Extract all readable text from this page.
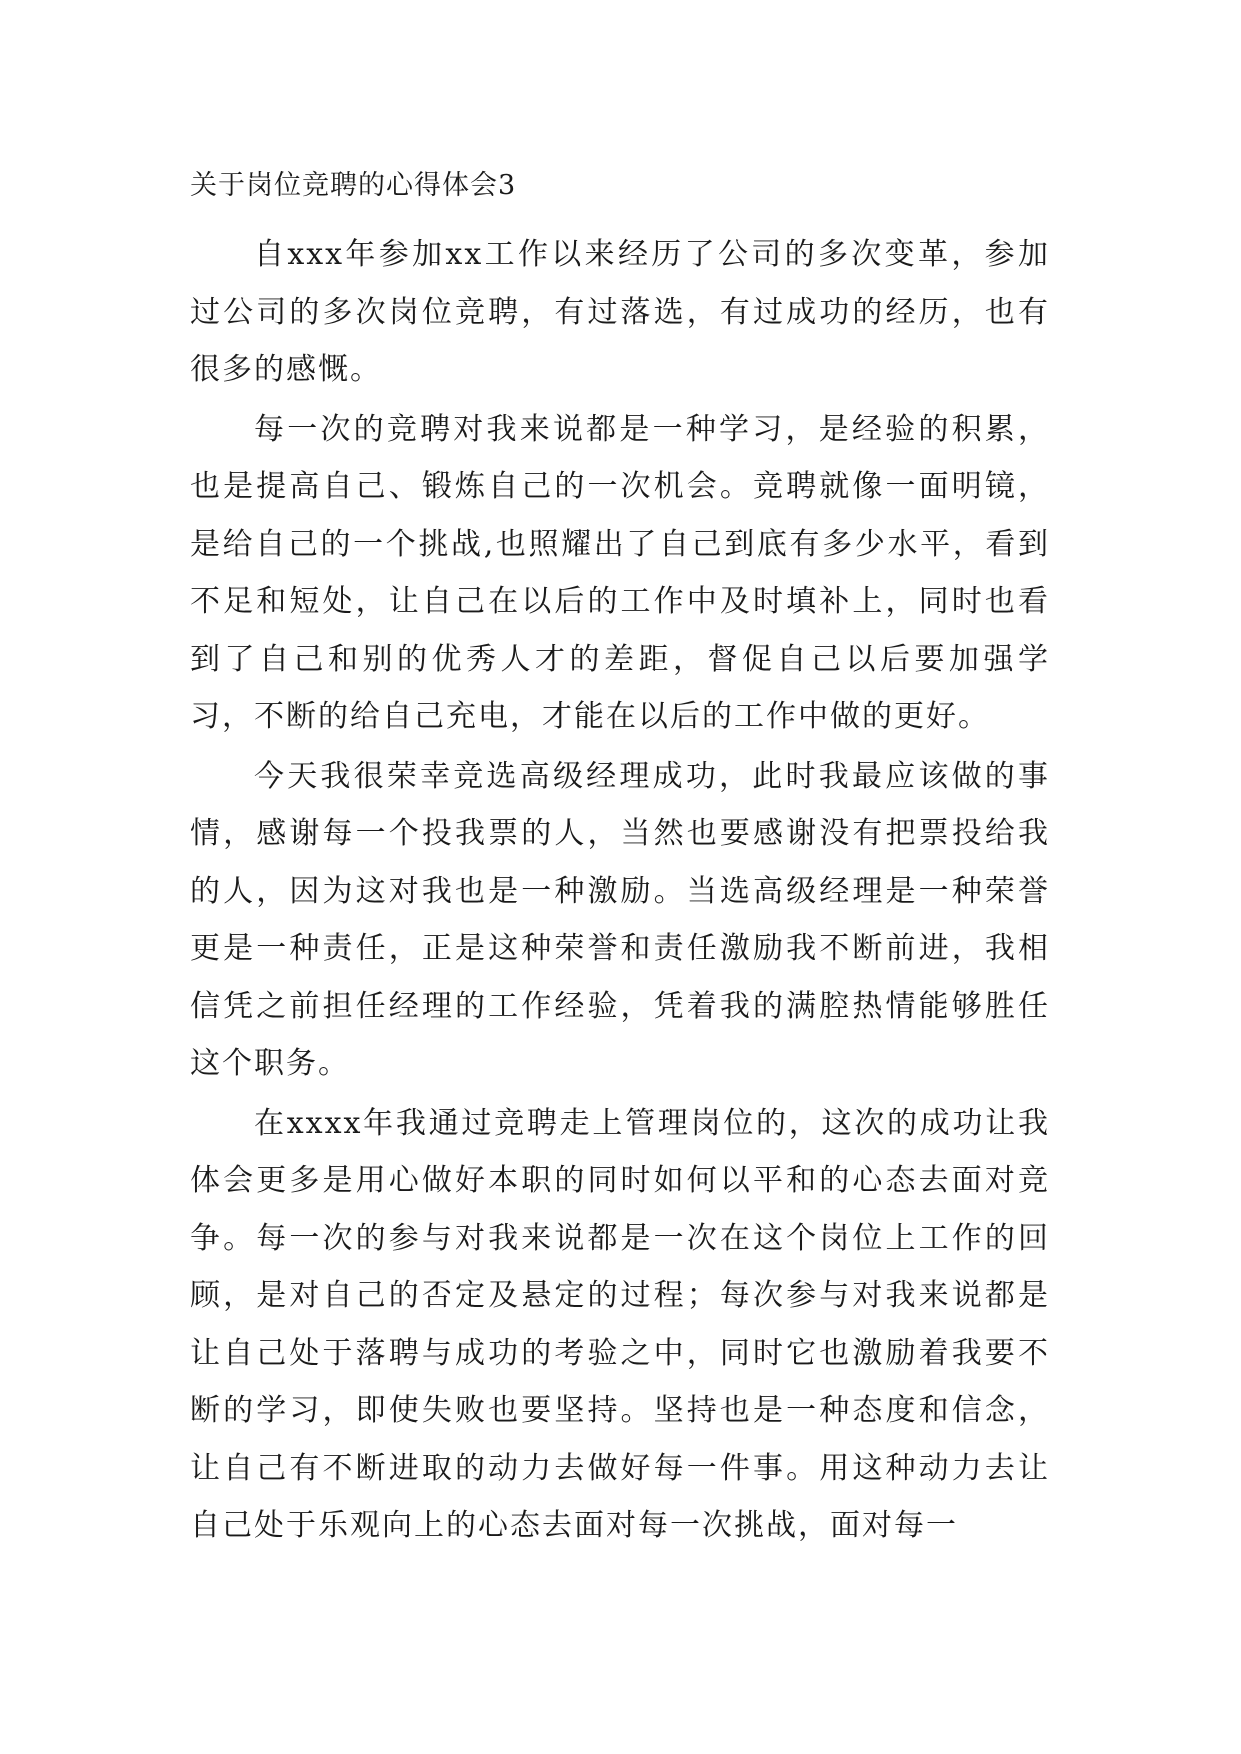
关于岗位竞聘的心得体会3

自xxx年参加xx工作以来经历了公司的多次变革，参加过公司的多次岗位竞聘，有过落选，有过成功的经历，也有很多的感慨。

每一次的竞聘对我来说都是一种学习，是经验的积累，也是提高自己、锻炼自己的一次机会。竞聘就像一面明镜，是给自己的一个挑战,也照耀出了自己到底有多少水平，看到不足和短处，让自己在以后的工作中及时填补上，同时也看到了自己和别的优秀人才的差距，督促自己以后要加强学习，不断的给自己充电，才能在以后的工作中做的更好。

今天我很荣幸竞选高级经理成功，此时我最应该做的事情，感谢每一个投我票的人，当然也要感谢没有把票投给我的人，因为这对我也是一种激励。当选高级经理是一种荣誉更是一种责任，正是这种荣誉和责任激励我不断前进，我相信凭之前担任经理的工作经验，凭着我的满腔热情能够胜任这个职务。

在xxxx年我通过竞聘走上管理岗位的，这次的成功让我体会更多是用心做好本职的同时如何以平和的心态去面对竞争。每一次的参与对我来说都是一次在这个岗位上工作的回顾，是对自己的否定及悬定的过程；每次参与对我来说都是让自己处于落聘与成功的考验之中，同时它也激励着我要不断的学习，即使失败也要坚持。坚持也是一种态度和信念，让自己有不断进取的动力去做好每一件事。用这种动力去让自己处于乐观向上的心态去面对每一次挑战，面对每一
